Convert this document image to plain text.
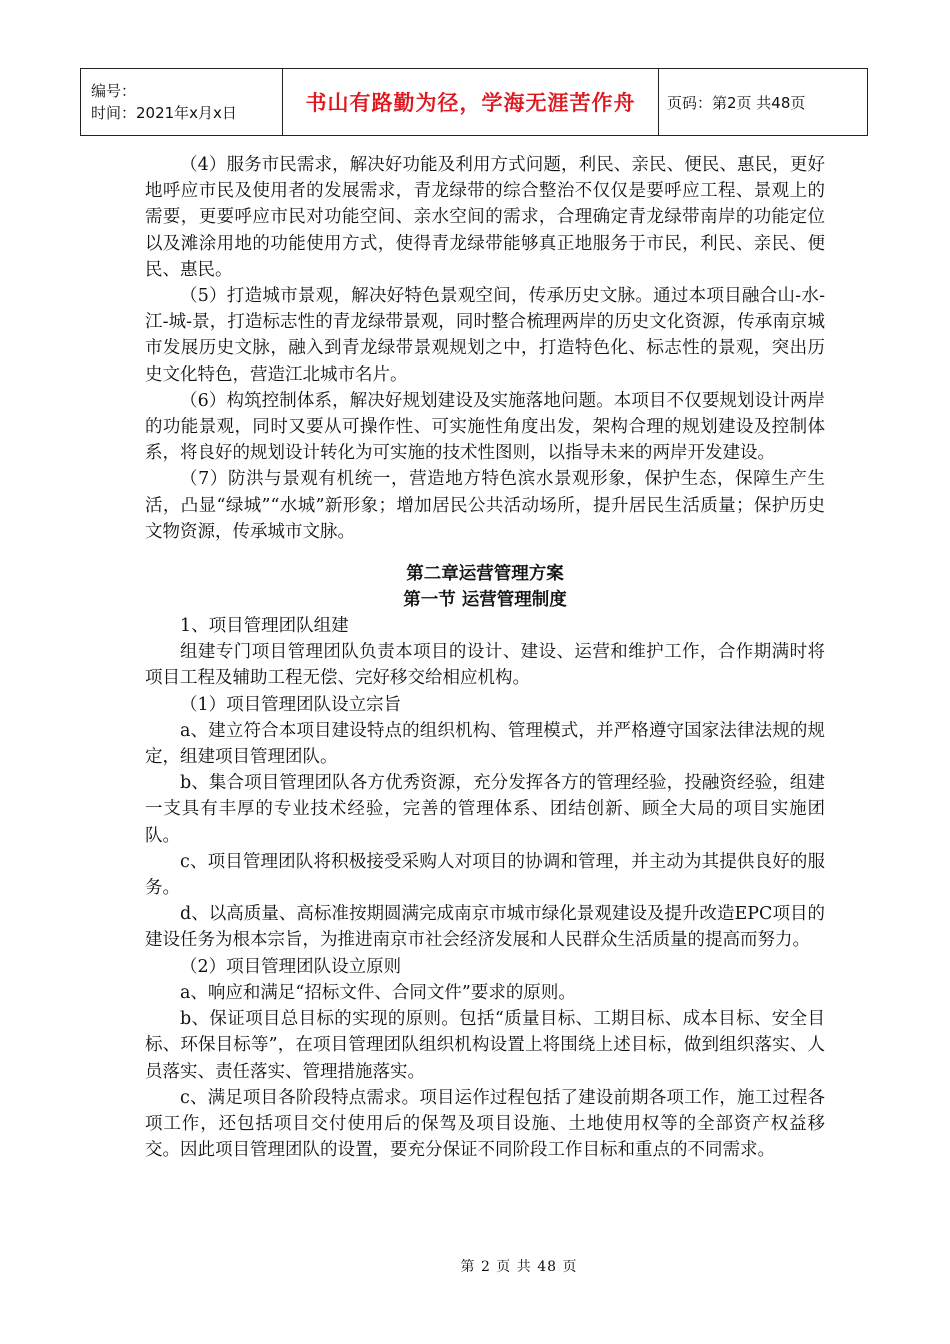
编号：
时间：2021年x月x日	书山有路勤为径，学海无涯苦作舟 页码：第2页 共48页

（4）服务市民需求，解决好功能及利用方式问题，利民、亲民、便民、惠民，更好地呼应市民及使用者的发展需求，青龙绿带的综合整治不仅仅是要呼应工程、景观上的需要，更要呼应市民对功能空间、亲水空间的需求，合理确定青龙绿带南岸的功能定位以及滩涂用地的功能使用方式，使得青龙绿带能够真正地服务于市民，利民、亲民、便民、惠民。

（5）打造城市景观，解决好特色景观空间，传承历史文脉。通过本项目融合山-水-江-城-景，打造标志性的青龙绿带景观，同时整合梳理两岸的历史文化资源，传承南京城市发展历史文脉，融入到青龙绿带景观规划之中，打造特色化、标志性的景观，突出历史文化特色，营造江北城市名片。

（6）构筑控制体系，解决好规划建设及实施落地问题。本项目不仅要规划设计两岸的功能景观，同时又要从可操作性、可实施性角度出发，架构合理的规划建设及控制体系，将良好的规划设计转化为可实施的技术性图则，以指导未来的两岸开发建设。

（7）防洪与景观有机统一，营造地方特色滨水景观形象，保护生态，保障生产生活，凸显“绿城”“水城”新形象；增加居民公共活动场所，提升居民生活质量；保护历史文物资源，传承城市文脉。

第二章运营管理方案

第一节 运营管理制度

1、项目管理团队组建

组建专门项目管理团队负责本项目的设计、建设、运营和维护工作，合作期满时将项目工程及辅助工程无偿、完好移交给相应机构。

（1）项目管理团队设立宗旨

a、建立符合本项目建设特点的组织机构、管理模式，并严格遵守国家法律法规的规定，组建项目管理团队。

b、集合项目管理团队各方优秀资源，充分发挥各方的管理经验，投融资经验，组建一支具有丰厚的专业技术经验，完善的管理体系、团结创新、顾全大局的项目实施团队。

c、项目管理团队将积极接受采购人对项目的协调和管理，并主动为其提供良好的服务。

d、以高质量、高标准按期圆满完成南京市城市绿化景观建设及提升改造EPC项目的建设任务为根本宗旨，为推进南京市社会经济发展和人民群众生活质量的提高而努力。

（2）项目管理团队设立原则

a、响应和满足“招标文件、合同文件”要求的原则。

b、保证项目总目标的实现的原则。包括“质量目标、工期目标、成本目标、安全目标、环保目标等”，在项目管理团队组织机构设置上将围绕上述目标，做到组织落实、人员落实、责任落实、管理措施落实。

c、满足项目各阶段特点需求。项目运作过程包括了建设前期各项工作，施工过程各项工作，还包括项目交付使用后的保驾及项目设施、土地使用权等的全部资产权益移交。因此项目管理团队的设置，要充分保证不同阶段工作目标和重点的不同需求。

第 2 页 共 48 页
